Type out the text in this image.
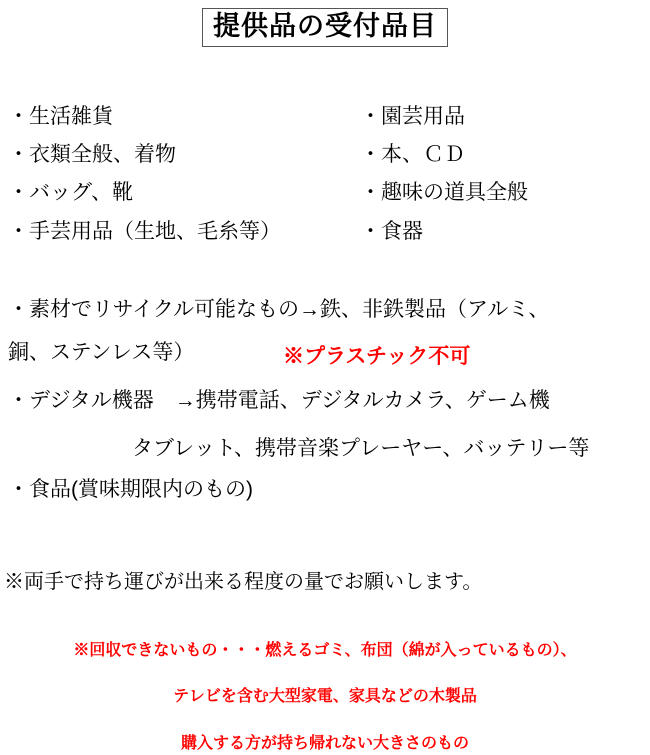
提供品の受付品目
・生活雑貨	・園芸用品
・衣類全般、着物	・本、ＣＤ
・バッグ、靴	・趣味の道具全般
・手芸用品（生地、毛糸等）	・食器
・素材でリサイクル可能なもの→鉄、非鉄製品（アルミ、
銅、ステンレス等）	※プラスチック不可
・デジタル機器　→携帯電話、デジタルカメラ、ゲーム機
タブレット、携帯音楽プレーヤー、バッテリー等
・食品(賞味期限内のもの)
※両手で持ち運びが出来る程度の量でお願いします。
※回収できないもの・・・燃えるゴミ、布団（綿が入っているもの）、
テレビを含む大型家電、家具などの木製品
購入する方が持ち帰れない大きさのもの
